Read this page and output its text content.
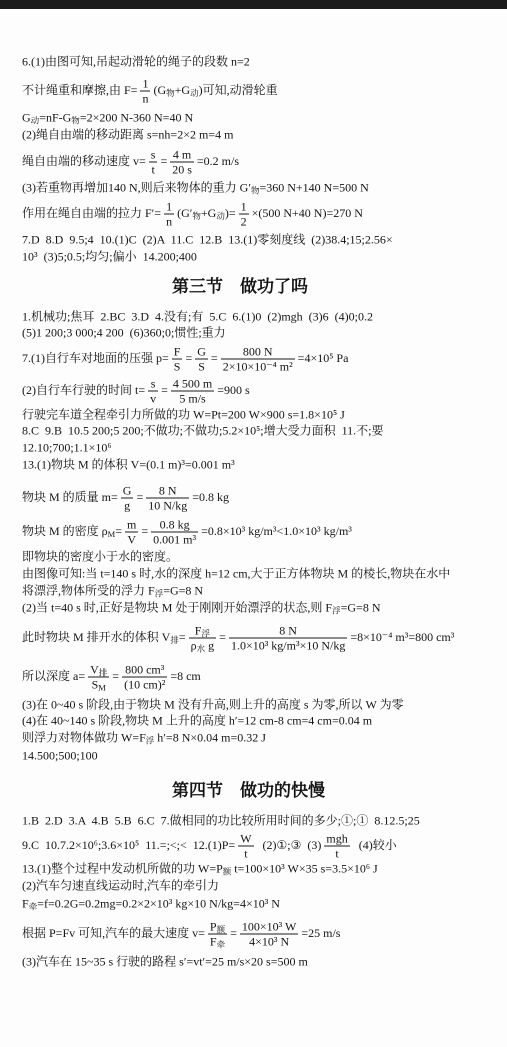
6.(1)由图可知,吊起动滑轮的绳子的段数 n=2
不计绳重和摩擦,由 $F= \frac{1}{n} (G_物+G_动)$可知,动滑轮重
$G_动=nF-G_物=2\times 200$ N-360 N=40 N
(2)绳自由端的移动距离 s=nh=2×2 m=4 m
绳自由端的移动速度 $v= \frac{s}{t} = \frac{4 m}{20 s} =0.2$ m/s
(3)若重物再增加140 N,则后来物体的重力 $G'_物=360$ N+140 N=500 N
作用在绳自由端的拉力 $F'= \frac{1}{n} (G'_物+G_动)= \frac{1}{2} \times(500$ N+40 N)=270 N
7.D  8.D  9.5;4  10.(1)C  (2)A  11.C  12.B  13.(1)零刻度线  (2)38.4;15;2.56×
10³  (3)5;0.5;均匀;偏小  14.200;400
第三节 做功了吗
1.机械功;焦耳  2.BC  3.D  4.没有;有  5.C  6.(1)0  (2)mgh  (3)6  (4)0;0.2
(5)1 200;3 000;4 200  (6)360;0;惯性;重力
7.(1)自行车对地面的压强 $p= \frac{F}{S} = \frac{G}{S} = \frac{800 N}{\text{2×10×10⁻⁴ m²}} =4\times 10^5$ Pa
(2)自行车行驶的时间 $t= \frac{s}{v} = \frac{4 500 m}{5 m/s} =900$ s
行驶完车道全程牵引力所做的功 W=Pt=200 W×900 s=1.8×10⁵ J
8.C  9.B  10.5 200;5 200;不做功;不做功;5.2×10⁵;增大受力面积  11.不;要
12.10;700;1.1×10⁶
13.(1)物块 M 的体积 V=(0.1 m)³=0.001 m³
物块 M 的质量 $m= \frac{G}{g} = \frac{8 N}{10 N/kg} =0.8$ kg
物块 M 的密度 $\rho_M= \frac{m}{V} = \frac{0.8 kg}{\text{0.001 m³}} =0.8\times 10^3$ kg/m³<1.0×10³ kg/m³
即物块的密度小于水的密度。
由图像可知:当 t=140 s 时,水的深度 h=12 cm,大于正方体物块 M 的棱长,物块在水中
将漂浮,物体所受的浮力 $F_浮=G=8$ N
(2)当 t=40 s 时,正好是物块 M 处于刚刚开始漂浮的状态,则 $F_浮=G=8$ N
此时物块 M 排开水的体积 $V_排= \frac{F_浮}{\rho_水 g} = \frac{8 N}{\text{1.0×10³ kg/m³×10 N/kg}} =8\times 10^{-4}$ m³=800 cm³
所以深度 $a= \frac{V_排}{S_M} = \frac{\text{800 cm³}}{\text{(10 cm)²}} =8$ cm
(3)在 0~40 s 阶段,由于物块 M 没有升高,则上升的高度 s 为零,所以 W 为零
(4)在 40~140 s 阶段,物块 M 上升的高度 h′=12 cm-8 cm=4 cm=0.04 m
则浮力对物体做功 $W=F_浮$ h′=8 N×0.04 m=0.32 J
14.500;500;100
第四节 做功的快慢
1.B  2.D  3.A  4.B  5.B  6.C  7.做相同的功比较所用时间的多少;①;①  8.12.5;25
9.C  10.7.2×10⁶;3.6×10⁵  11.=;<;<  $12.(1)P= \frac{W}{t}$ (2)①;③  $(3) \frac{\text{mgh}}{t} (4)$较小
13.(1)整个过程中发动机所做的功 $W=P_额$ t=100×10³ W×35 s=3.5×10⁶ J
(2)汽车匀速直线运动时,汽车的牵引力
$F_牵=f=0.2G=0.2mg=0.2\times 2\times 10^3$ kg×10 N/kg=4×10³ N
根据 P=Fv 可知,汽车的最大速度 $v= \frac{P_额}{F_牵} = \frac{\text{100×10³ W}}{\text{4×10³ N}} =25$ m/s
(3)汽车在 15~35 s 行驶的路程 s′=vt′=25 m/s×20 s=500 m
